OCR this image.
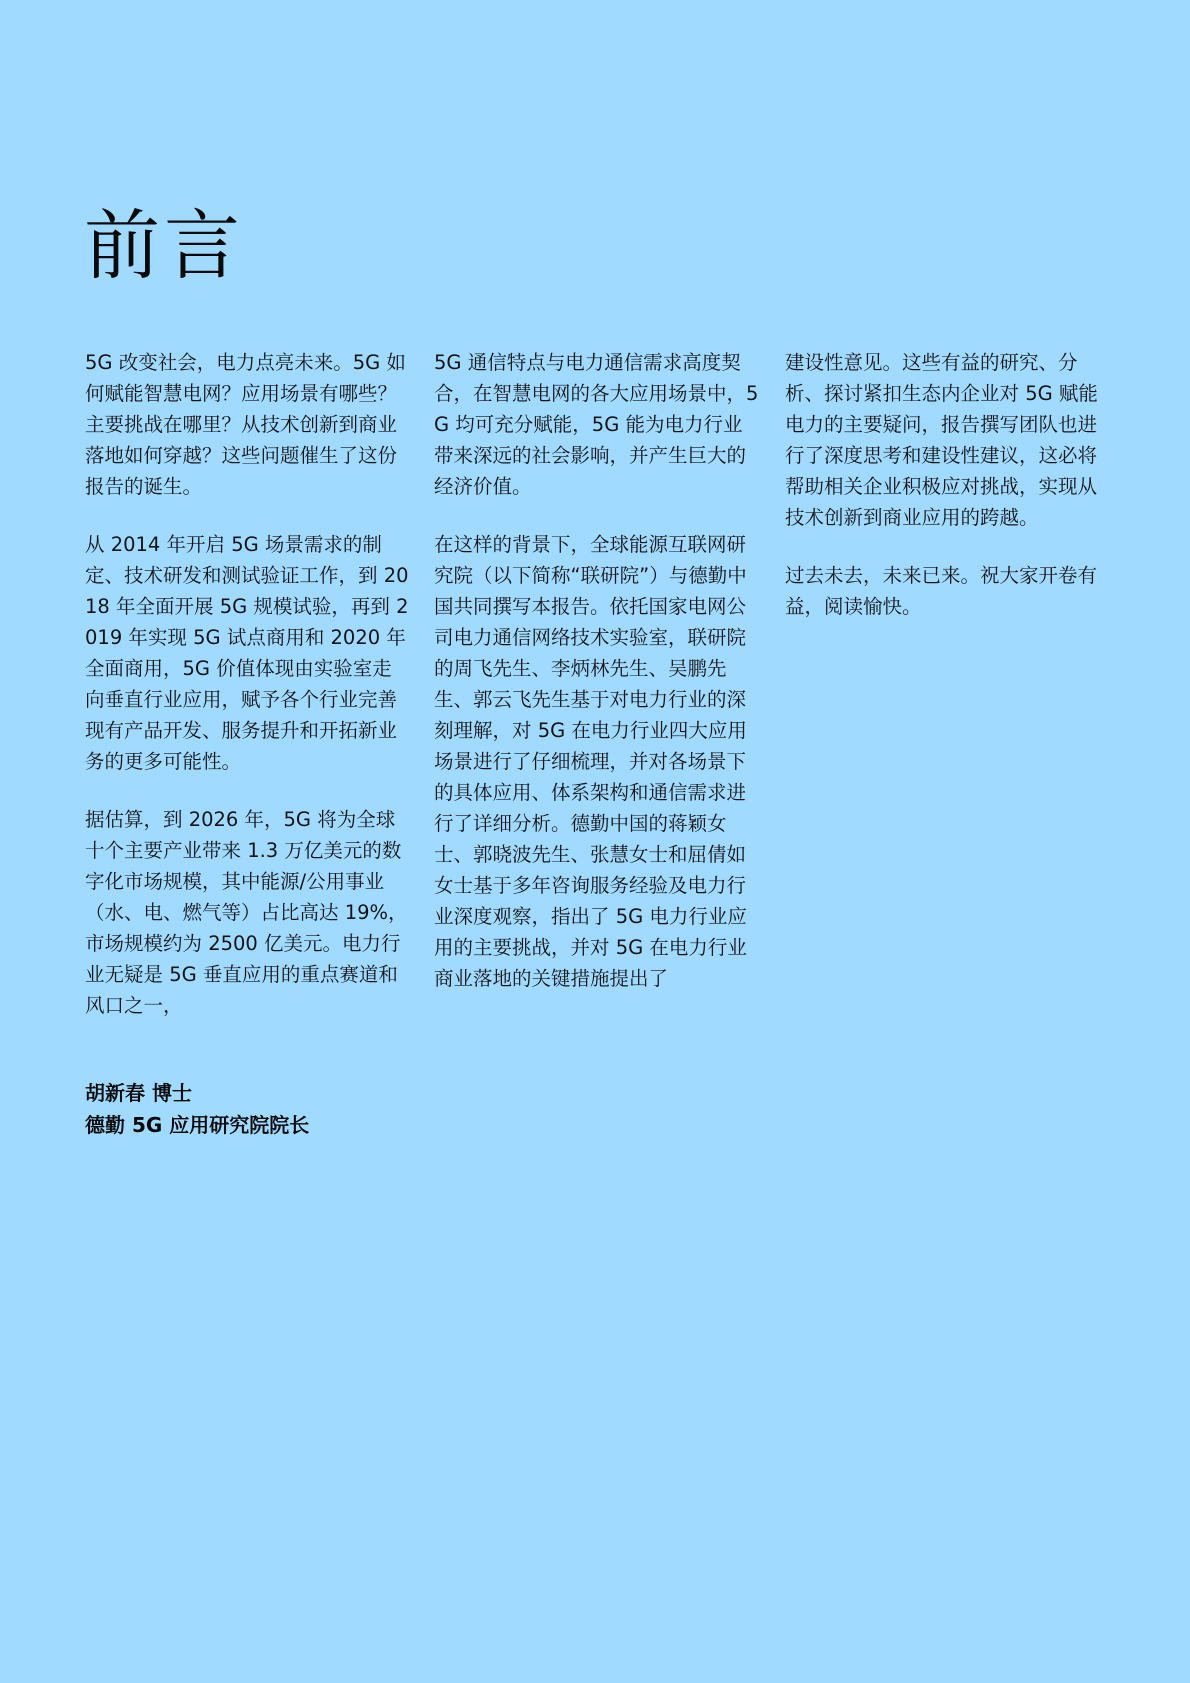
前言

5G 改变社会，电力点亮未来。5G 如何赋能智慧电网？应用场景有哪些？主要挑战在哪里？从技术创新到商业落地如何穿越？这些问题催生了这份报告的诞生。

从 2014 年开启 5G 场景需求的制定、技术研发和测试验证工作，到 2018 年全面开展 5G 规模试验，再到 2019 年实现 5G 试点商用和 2020 年全面商用，5G 价值体现由实验室走向垂直行业应用，赋予各个行业完善现有产品开发、服务提升和开拓新业务的更多可能性。

据估算，到 2026 年，5G 将为全球十个主要产业带来 1.3 万亿美元的数字化市场规模，其中能源/公用事业（水、电、燃气等）占比高达 19%，市场规模约为 2500 亿美元。电力行业无疑是 5G 垂直应用的重点赛道和风口之一，

5G 通信特点与电力通信需求高度契合，在智慧电网的各大应用场景中，5G 均可充分赋能，5G 能为电力行业带来深远的社会影响，并产生巨大的经济价值。

在这样的背景下，全球能源互联网研究院（以下简称“联研院”）与德勤中国共同撰写本报告。依托国家电网公司电力通信网络技术实验室，联研院的周飞先生、李炳林先生、吴鹏先生、郭云飞先生基于对电力行业的深刻理解，对 5G 在电力行业四大应用场景进行了仔细梳理，并对各场景下的具体应用、体系架构和通信需求进行了详细分析。德勤中国的蒋颖女士、郭晓波先生、张慧女士和屈倩如女士基于多年咨询服务经验及电力行业深度观察，指出了 5G 电力行业应用的主要挑战，并对 5G 在电力行业商业落地的关键措施提出了

建设性意见。这些有益的研究、分析、探讨紧扣生态内企业对 5G 赋能电力的主要疑问，报告撰写团队也进行了深度思考和建设性建议，这必将帮助相关企业积极应对挑战，实现从技术创新到商业应用的跨越。

过去未去，未来已来。祝大家开卷有益，阅读愉快。

胡新春 博士
德勤 5G 应用研究院院长
